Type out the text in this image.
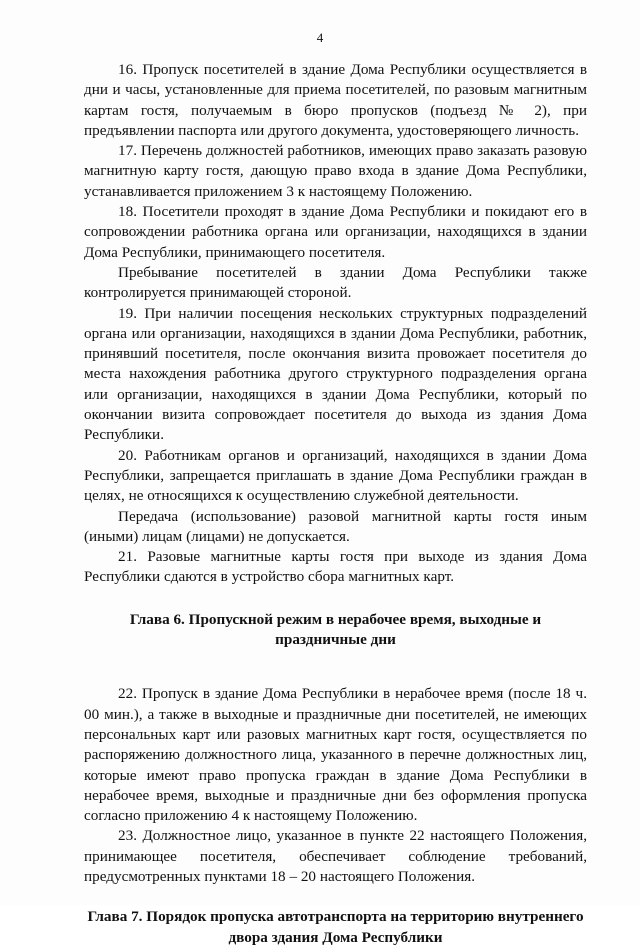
4

16. Пропуск посетителей в здание Дома Республики осуществляется в дни и часы, установленные для приема посетителей, по разовым магнитным картам гостя, получаемым в бюро пропусков (подъезд № 2), при предъявлении паспорта или другого документа, удостоверяющего личность.

17. Перечень должностей работников, имеющих право заказать разовую магнитную карту гостя, дающую право входа в здание Дома Республики, устанавливается приложением 3 к настоящему Положению.

18. Посетители проходят в здание Дома Республики и покидают его в сопровождении работника органа или организации, находящихся в здании Дома Республики, принимающего посетителя.

Пребывание посетителей в здании Дома Республики также контролируется принимающей стороной.

19. При наличии посещения нескольких структурных подразделений органа или организации, находящихся в здании Дома Республики, работник, принявший посетителя, после окончания визита провожает посетителя до места нахождения работника другого структурного подразделения органа или организации, находящихся в здании Дома Республики, который по окончании визита сопровождает посетителя до выхода из здания Дома Республики.

20. Работникам органов и организаций, находящихся в здании Дома Республики, запрещается приглашать в здание Дома Республики граждан в целях, не относящихся к осуществлению служебной деятельности.

Передача (использование) разовой магнитной карты гостя иным (иными) лицам (лицами) не допускается.

21. Разовые магнитные карты гостя при выходе из здания Дома Республики сдаются в устройство сбора магнитных карт.

Глава 6. Пропускной режим в нерабочее время, выходные и праздничные дни

22. Пропуск в здание Дома Республики в нерабочее время (после 18 ч. 00 мин.), а также в выходные и праздничные дни посетителей, не имеющих персональных карт или разовых магнитных карт гостя, осуществляется по распоряжению должностного лица, указанного в перечне должностных лиц, которые имеют право пропуска граждан в здание Дома Республики в нерабочее время, выходные и праздничные дни без оформления пропуска согласно приложению 4 к настоящему Положению.

23. Должностное лицо, указанное в пункте 22 настоящего Положения, принимающее посетителя, обеспечивает соблюдение требований, предусмотренных пунктами 18 – 20 настоящего Положения.

Глава 7. Порядок пропуска автотранспорта на территорию внутреннего двора здания Дома Республики
